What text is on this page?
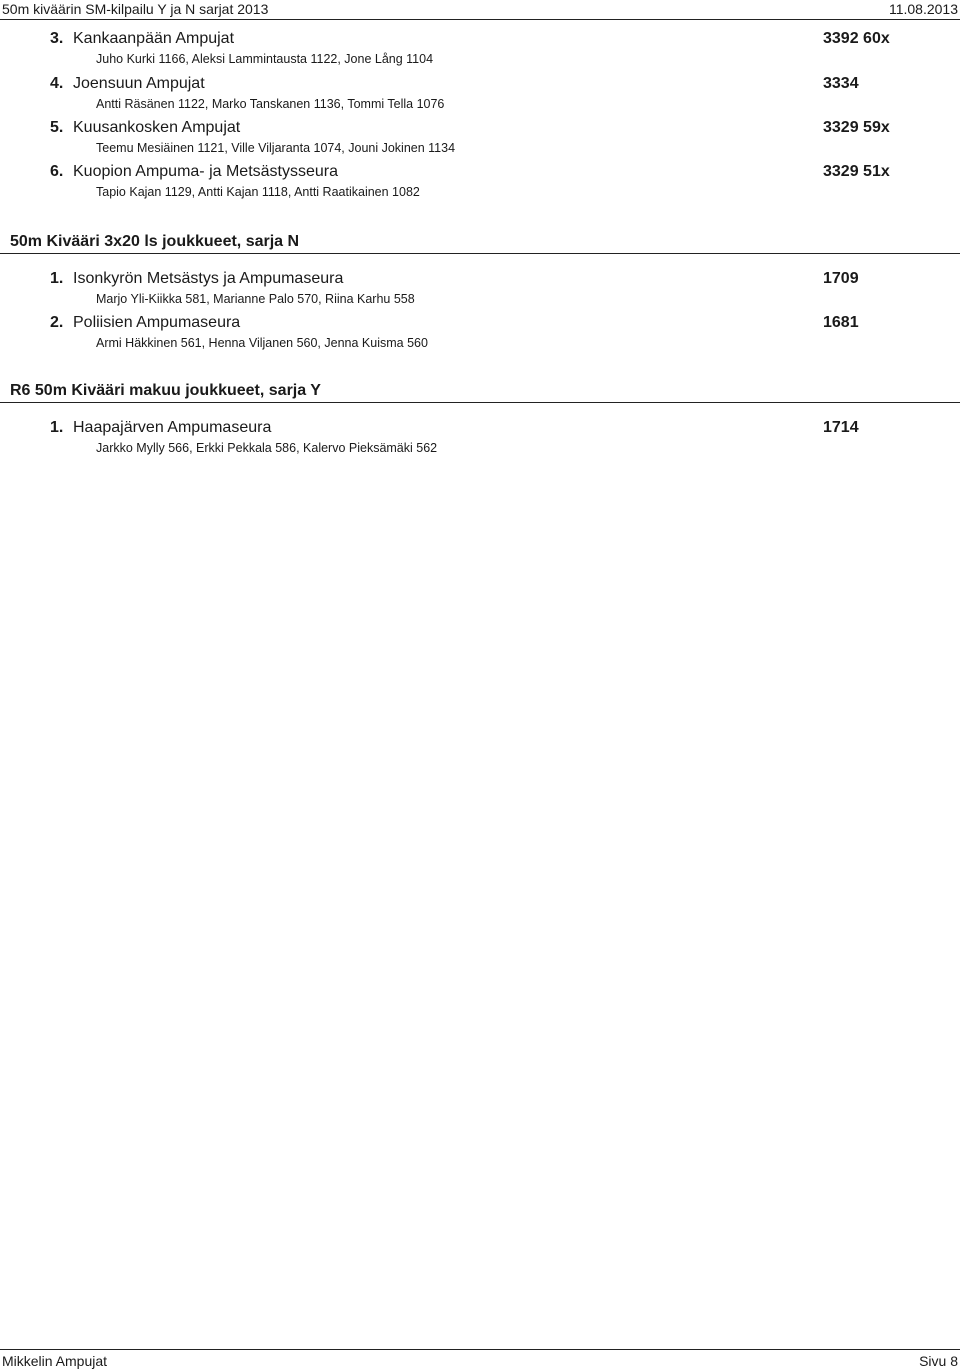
50m kiväärin SM-kilpailu Y ja N sarjat 2013	11.08.2013
3. Kankaanpään Ampujat	3392 60x
Juho Kurki 1166, Aleksi Lammintausta 1122, Jone Lång 1104
4. Joensuun Ampujat	3334
Antti Räsänen 1122, Marko Tanskanen 1136, Tommi Tella 1076
5. Kuusankosken Ampujat	3329 59x
Teemu Mesiäinen 1121, Ville Viljaranta 1074, Jouni Jokinen 1134
6. Kuopion Ampuma- ja Metsästysseura	3329 51x
Tapio Kajan 1129, Antti Kajan 1118, Antti Raatikainen 1082
50m Kivääri 3x20 ls joukkueet, sarja N
1. Isonkyrön Metsästys ja Ampumaseura	1709
Marjo Yli-Kiikka 581, Marianne Palo 570, Riina Karhu 558
2. Poliisien Ampumaseura	1681
Armi Häkkinen 561, Henna Viljanen 560, Jenna Kuisma 560
R6 50m Kivääri makuu joukkueet, sarja Y
1. Haapajärven Ampumaseura	1714
Jarkko Mylly 566, Erkki Pekkala 586, Kalervo Pieksämäki 562
Mikkelin Ampujat	Sivu 8
